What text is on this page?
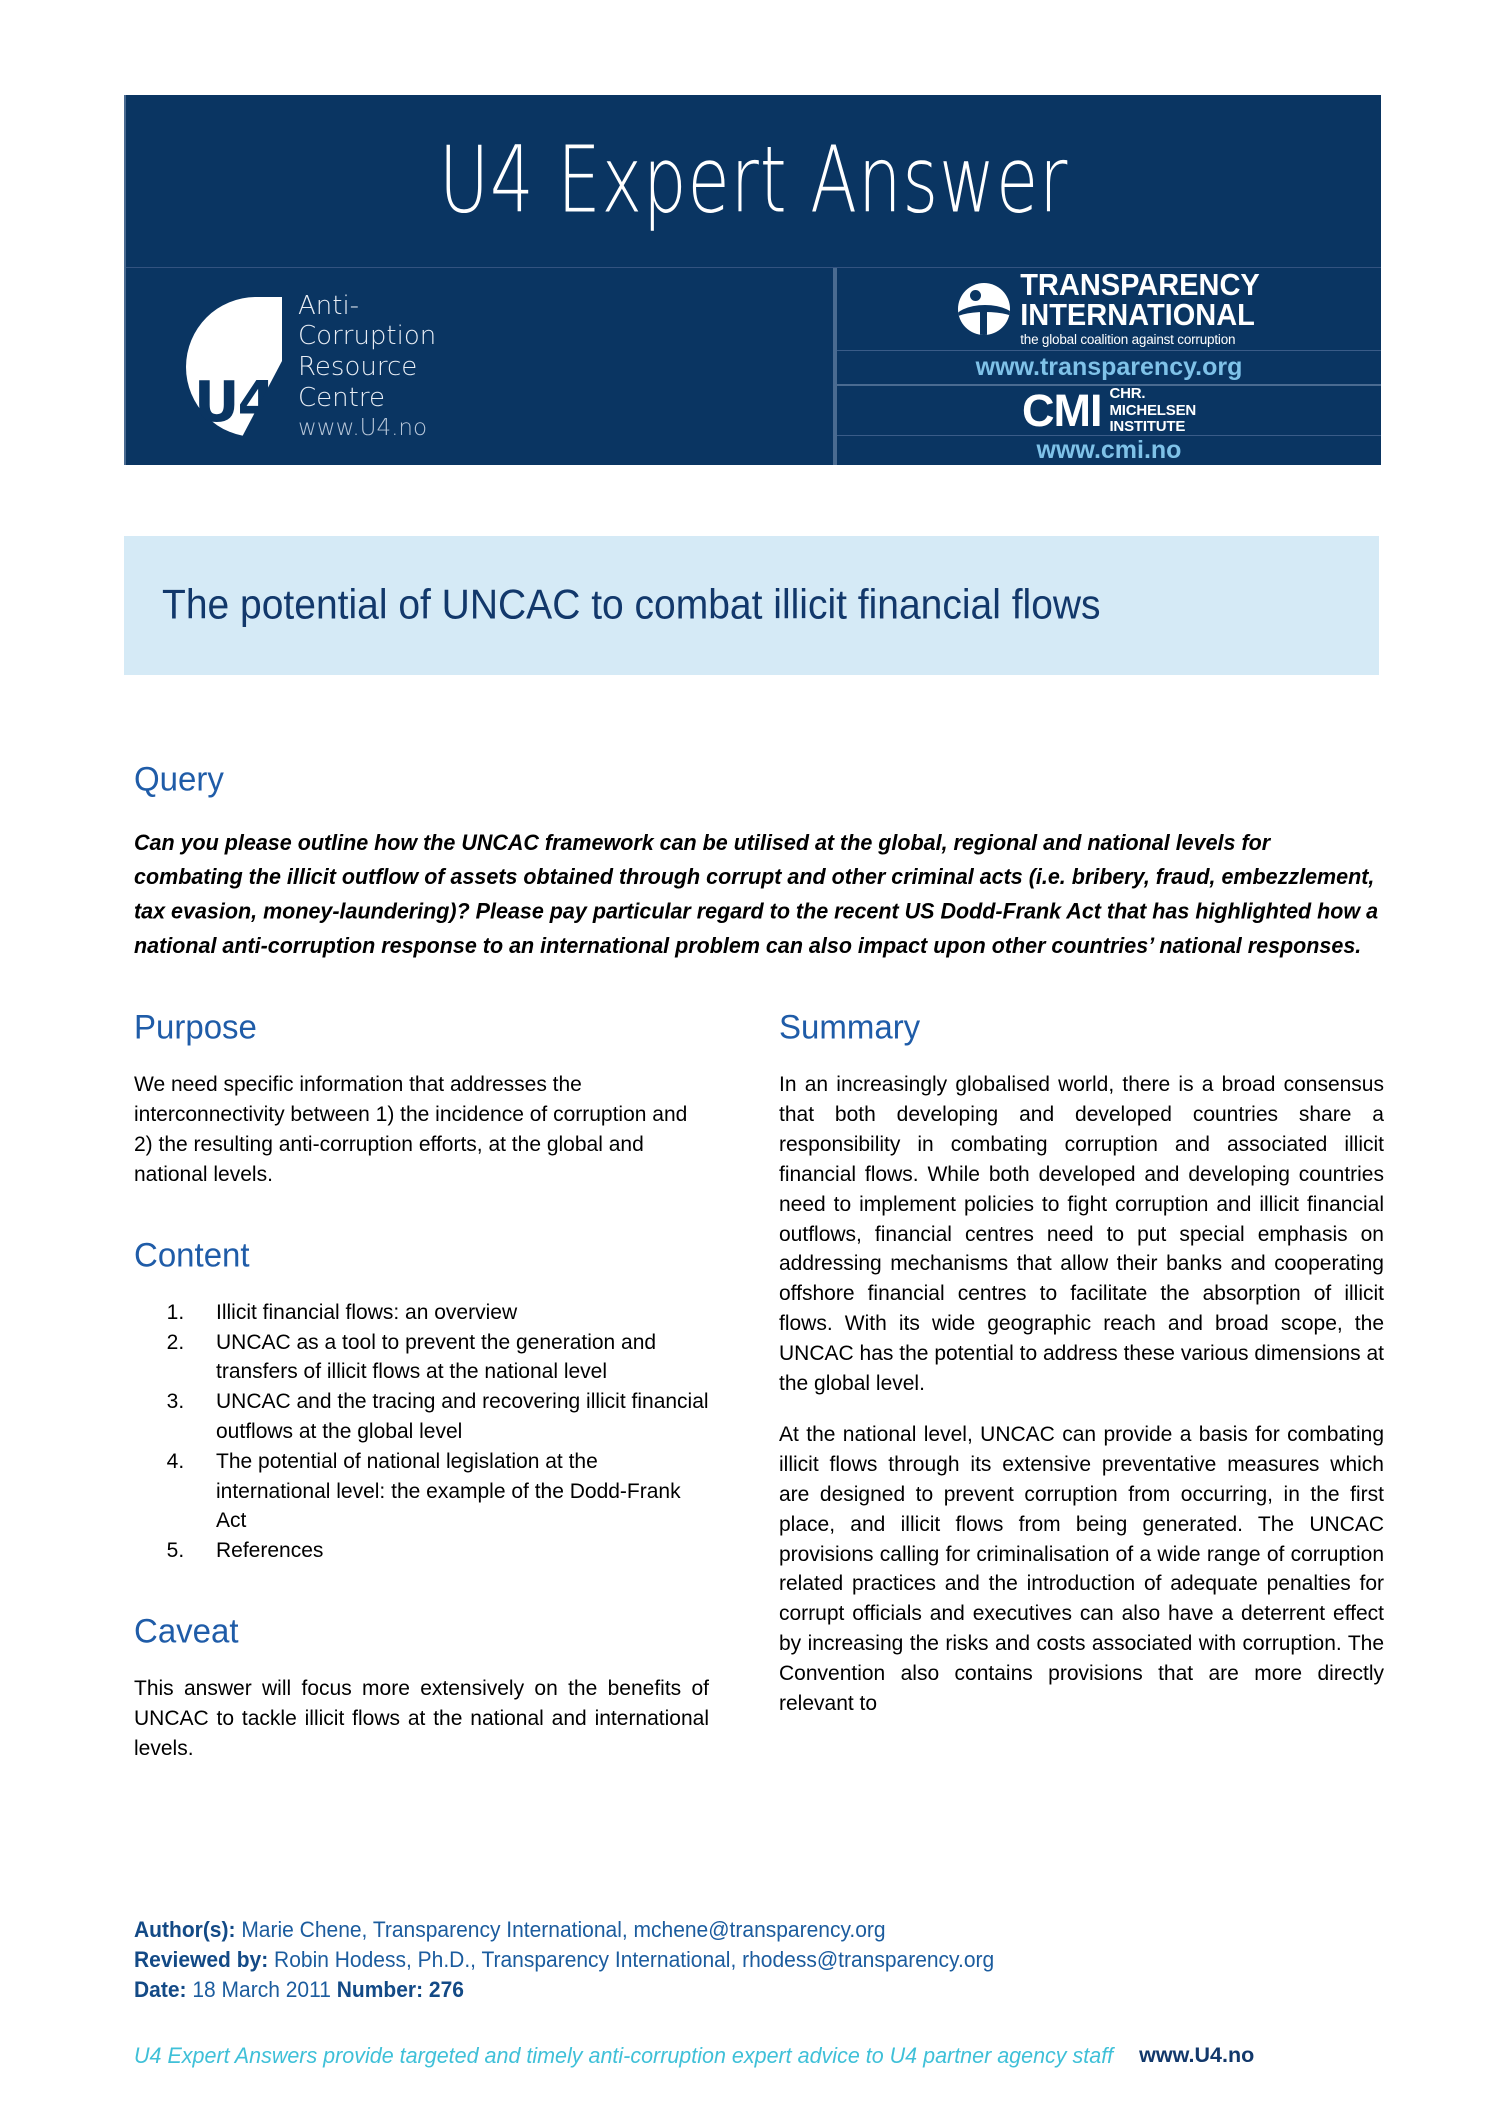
U4 Expert Answer
U4
Anti-
Corruption
Resource
Centre
www.U4.no
TRANSPARENCY
INTERNATIONAL
the global coalition against corruption
www.transparency.org
CMI CHR.
MICHELSEN
INSTITUTE
www.cmi.no
The potential of UNCAC to combat illicit financial flows
Query

Can you please outline how the UNCAC framework can be utilised at the global, regional and national levels for combating the illicit outflow of assets obtained through corrupt and other criminal acts (i.e. bribery, fraud, embezzlement, tax evasion, money-laundering)? Please pay particular regard to the recent US Dodd-Frank Act that has highlighted how a national anti-corruption response to an international problem can also impact upon other countries’ national responses.

Purpose

We need specific information that addresses the interconnectivity between 1) the incidence of corruption and 2) the resulting anti-corruption efforts, at the global and national levels.

Content
1. Illicit financial flows: an overview
2. UNCAC as a tool to prevent the generation and transfers of illicit flows at the national level
3. UNCAC and the tracing and recovering illicit financial outflows at the global level
4. The potential of national legislation at the international level: the example of the Dodd-Frank Act
5. References
Caveat

This answer will focus more extensively on the benefits of UNCAC to tackle illicit flows at the national and international levels.

Summary

In an increasingly globalised world, there is a broad consensus that both developing and developed countries share a responsibility in combating corruption and associated illicit financial flows. While both developed and developing countries need to implement policies to fight corruption and illicit financial outflows, financial centres need to put special emphasis on addressing mechanisms that allow their banks and cooperating offshore financial centres to facilitate the absorption of illicit flows. With its wide geographic reach and broad scope, the UNCAC has the potential to address these various dimensions at the global level.

At the national level, UNCAC can provide a basis for combating illicit flows through its extensive preventative measures which are designed to prevent corruption from occurring, in the first place, and illicit flows from being generated. The UNCAC provisions calling for criminalisation of a wide range of corruption related practices and the introduction of adequate penalties for corrupt officials and executives can also have a deterrent effect by increasing the risks and costs associated with corruption. The Convention also contains provisions that are more directly relevant to

Author(s): Marie Chene, Transparency International, mchene@transparency.org
Reviewed by: Robin Hodess, Ph.D., Transparency International, rhodess@transparency.org
Date: 18 March 2011 Number: 276
U4 Expert Answers provide targeted and timely anti-corruption expert advice to U4 partner agency staff www.U4.no
